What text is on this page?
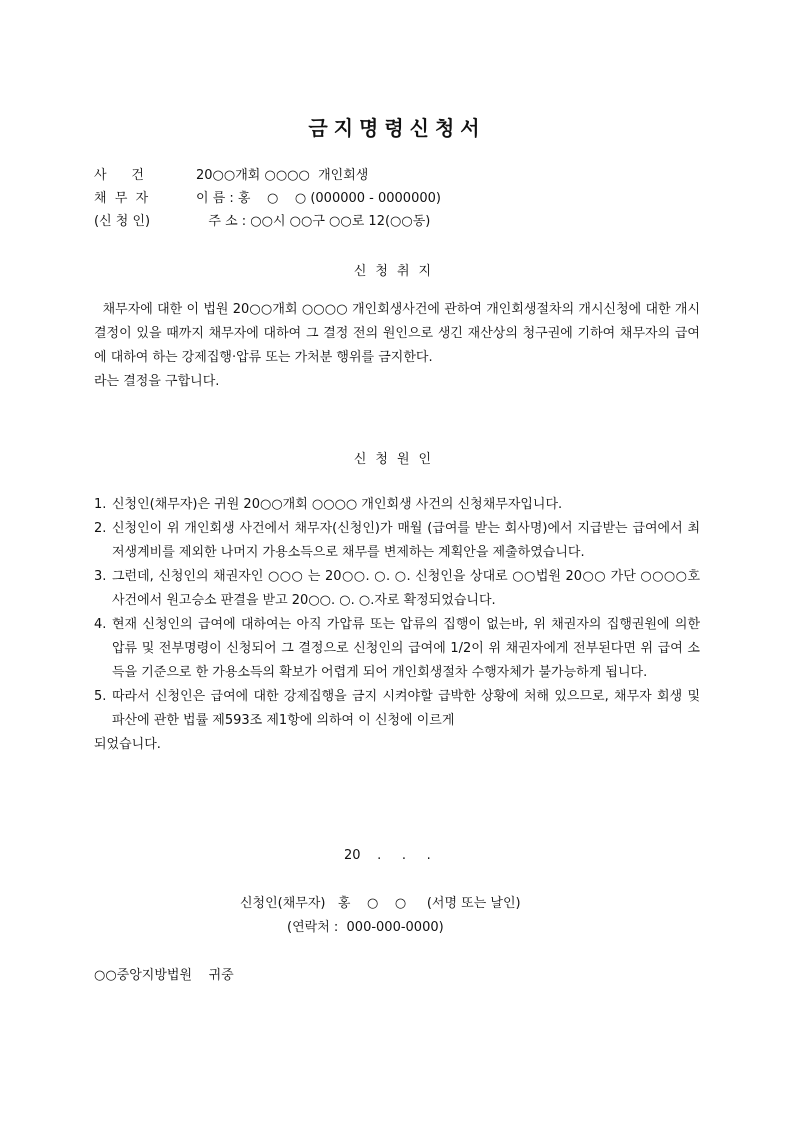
금지명령신청서
사      건	20○○개회 ○○○○  개인회생
채  무  자	이 름 : 홍    ○    ○ (000000 - 0000000)
(신 청 인)	주 소 : ○○시 ○○구 ○○로 12(○○동)
신청취지

채무자에 대한 이 법원 20○○개회 ○○○○ 개인회생사건에 관하여 개인회생절차의 개시신청에 대한 개시결정이 있을 때까지 채무자에 대하여 그 결정 전의 원인으로 생긴 재산상의 청구권에 기하여 채무자의 급여에 대하여 하는 강제집행·압류 또는 가처분 행위를 금지한다.

라는 결정을 구합니다.

신청원인
1. 신청인(채무자)은 귀원 20○○개회 ○○○○ 개인회생 사건의 신청채무자입니다.
2. 신청인이 위 개인회생 사건에서 채무자(신청인)가 매월 (급여를 받는 회사명)에서 지급받는 급여에서 최저생계비를 제외한 나머지 가용소득으로 채무를 변제하는 계획안을 제출하였습니다.
3. 그런데, 신청인의 채권자인 ○○○ 는 20○○. ○. ○. 신청인을 상대로 ○○법원 20○○ 가단 ○○○○호 사건에서 원고승소 판결을 받고 20○○. ○. ○.자로 확정되었습니다.
4. 현재 신청인의 급여에 대하여는 아직 가압류 또는 압류의 집행이 없는바, 위 채권자의 집행권원에 의한 압류 및 전부명령이 신청되어 그 결정으로 신청인의 급여에 1/2이 위 채권자에게 전부된다면 위 급여 소득을 기준으로 한 가용소득의 확보가 어렵게 되어 개인회생절차 수행자체가 불가능하게 됩니다.
5. 따라서 신청인은 급여에 대한 강제집행을 금지 시켜야할 급박한 상황에 처해 있으므로, 채무자 회생 및 파산에 관한 법률 제593조 제1항에 의하여 이 신청에 이르게
되었습니다.
20    .     .     .
신청인(채무자)   홍    ○    ○     (서명 또는 날인)
(연락처 :  000-000-0000)
○○중앙지방법원    귀중
